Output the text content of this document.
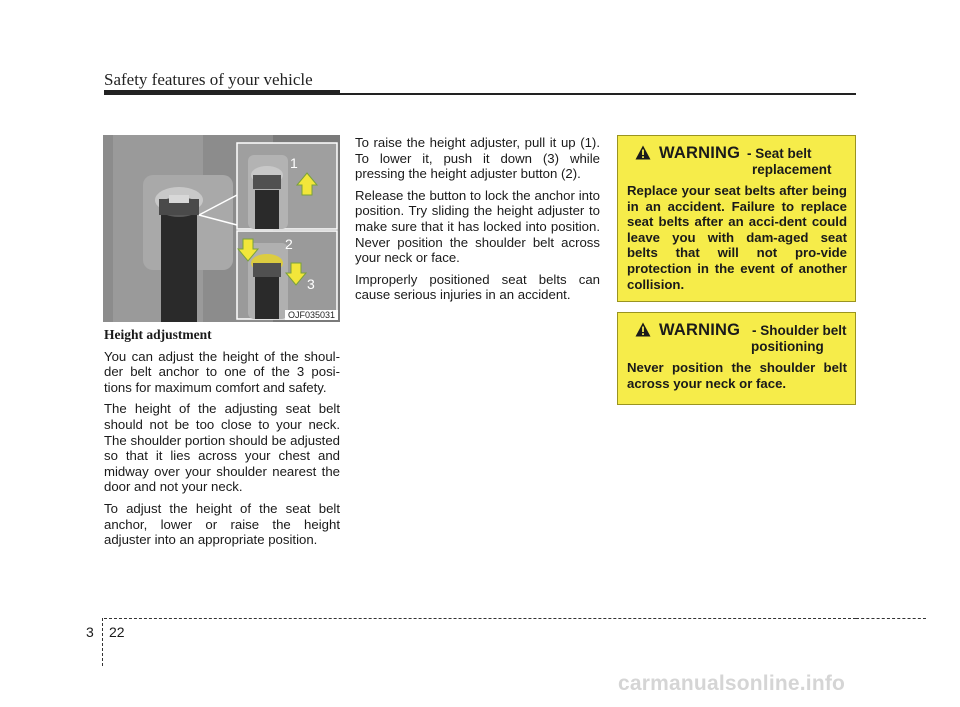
Safety features of your vehicle
1
2
3
OJF035031

Height adjustment

You can adjust the height of the shoul-der belt anchor to one of the 3 posi-tions for maximum comfort and safety.

The height of the adjusting seat belt should not be too close to your neck. The shoulder portion should be adjusted so that it lies across your chest and midway over your shoulder nearest the door and not your neck.

To adjust the height of the seat belt anchor, lower or raise the height adjuster into an appropriate position.

To raise the height adjuster, pull it up (1). To lower it, push it down (3) while pressing the height adjuster button (2).

Release the button to lock the anchor into position. Try sliding the height adjuster to make sure that it has locked into position. Never position the shoulder belt across your neck or face.

Improperly positioned seat belts can cause serious injuries in an accident.

WARNING - Seat belt
replacement
Replace your seat belts after being in an accident. Failure to replace seat belts after an acci-dent could leave you with dam-aged seat belts that will not pro-vide protection in the event of another collision.
WARNING - Shoulder belt
positioning
Never position the shoulder belt across your neck or face.
3 22
carmanualsonline.info
